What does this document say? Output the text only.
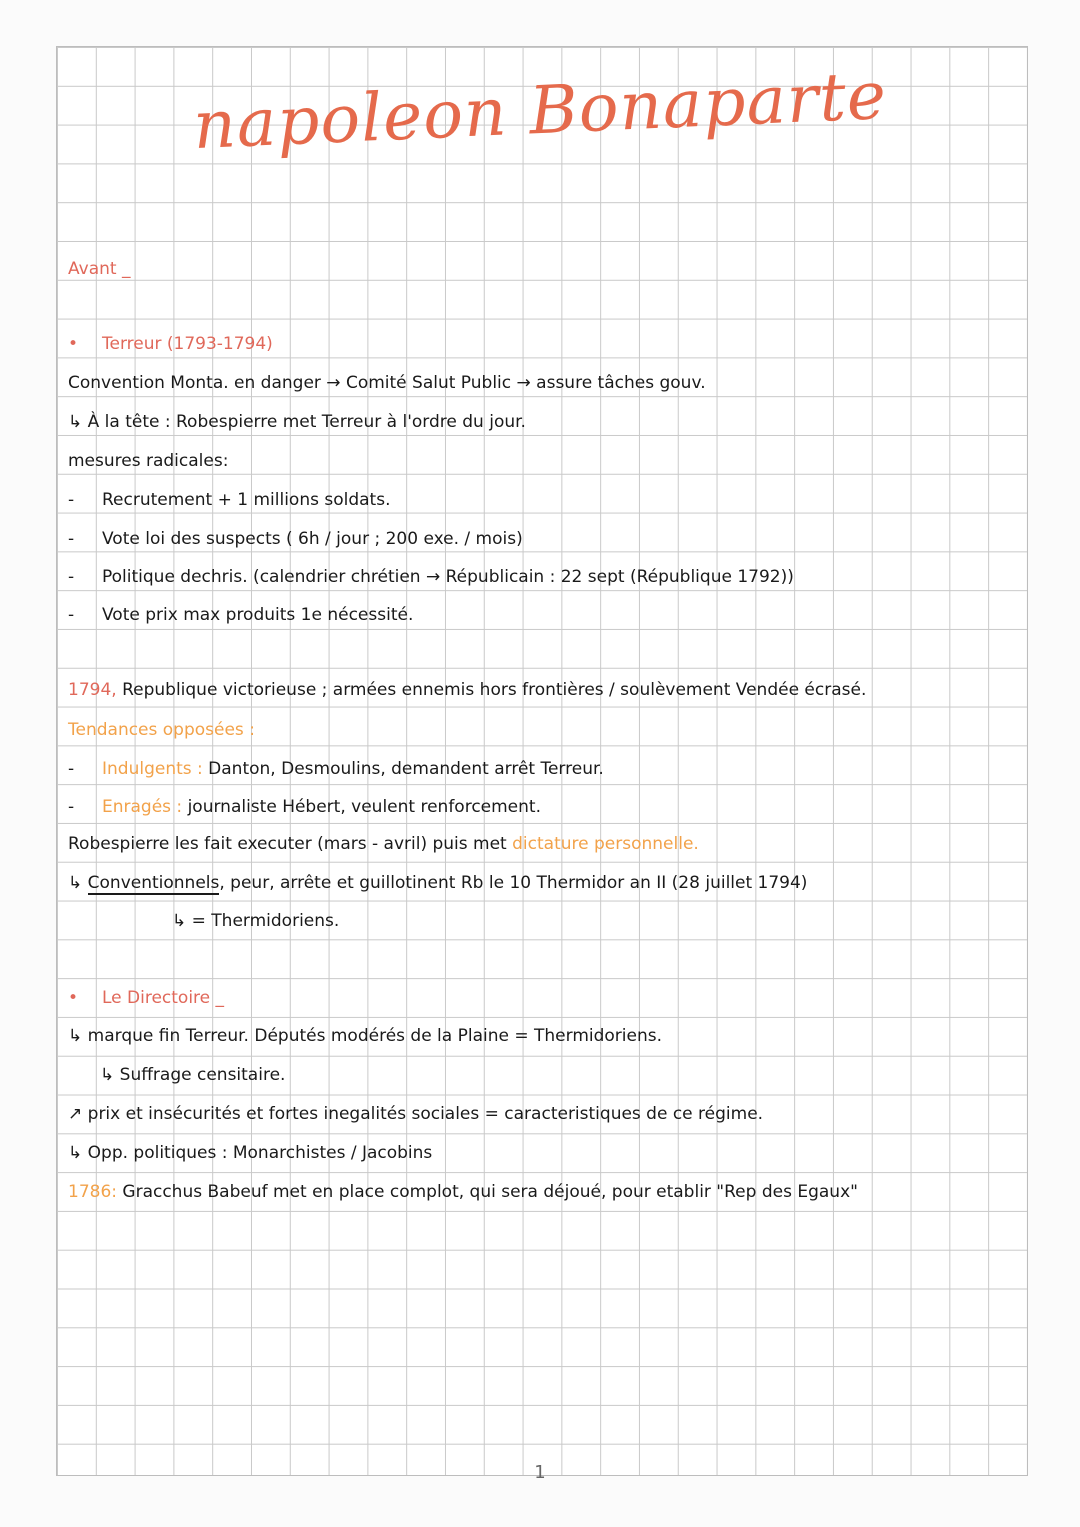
napoleon Bonaparte
Avant _
• Terreur (1793-1794)
Convention Monta. en danger → Comité Salut Public → assure tâches gouv.
↳ À la tête : Robespierre met Terreur à l'ordre du jour.
mesures radicales:
- Recrutement + 1 millions soldats.
- Vote loi des suspects ( 6h / jour ; 200 exe. / mois)
- Politique dechris. (calendrier chrétien → Républicain : 22 sept (République 1792))
- Vote prix max produits 1e nécessité.
1794, Republique victorieuse ; armées ennemis hors frontières / soulèvement Vendée écrasé.
Tendances opposées :
- Indulgents : Danton, Desmoulins, demandent arrêt Terreur.
- Enragés : journaliste Hébert, veulent renforcement.
Robespierre les fait executer (mars - avril) puis met dictature personnelle.
↳ Conventionnels, peur, arrête et guillotinent Rb le 10 Thermidor an II (28 juillet 1794)
↳ = Thermidoriens.
• Le Directoire _
↳ marque fin Terreur. Députés modérés de la Plaine = Thermidoriens.
↳ Suffrage censitaire.
↗ prix et insécurités et fortes inegalités sociales = caracteristiques de ce régime.
↳ Opp. politiques : Monarchistes / Jacobins
1786: Gracchus Babeuf met en place complot, qui sera déjoué, pour etablir "Rep des Egaux"
1
